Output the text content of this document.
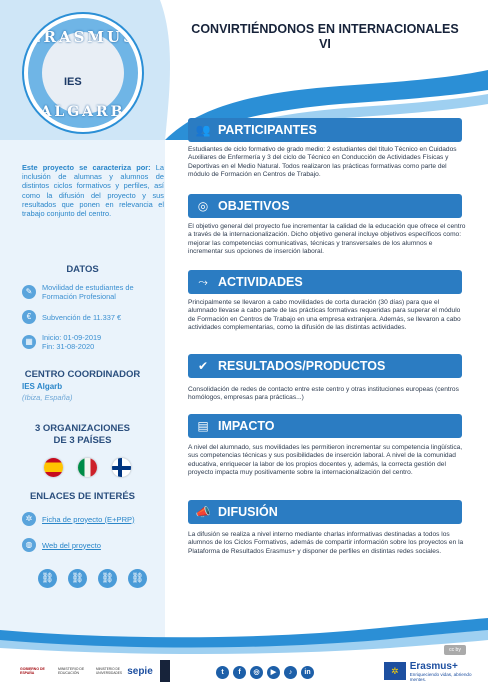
CONVIRTIÉNDONOS EN INTERNACIONALES
VI
ERASMUS
IES
ALGARB
Este proyecto se caracteriza por: La inclusión de alumnas y alumnos de distintos ciclos formativos y perfiles, así como la difusión del proyecto y sus resultados que ponen en relevancia el trabajo conjunto del centro.
DATOS
✎	Movilidad de estudiantes de Formación Profesional
€	Subvención de 11.337 €
▦	Inicio: 01-09-2019
Fin: 31-08-2020
CENTRO COORDINADOR
IES Algarb
(Ibiza, España)
3 ORGANIZACIONES
DE 3 PAÍSES
ENLACES DE INTERÉS
✲	Ficha de proyecto (E+PRP)
◍	Web del proyecto
⛓	⛓	⛓	⛓
👥 PARTICIPANTES
Estudiantes de ciclo formativo de grado medio: 2 estudiantes del título Técnico en Cuidados Auxiliares de Enfermería y 3 del ciclo de Técnico en Conducción de Actividades Físicas y Deportivas en el Medio Natural. Todos realizaron las prácticas formativas como parte del módulo de Formación en Centros de Trabajo.
◎ OBJETIVOS
El objetivo general del proyecto fue incrementar la calidad de la educación que ofrece el centro a través de la internacionalización. Dicho objetivo general incluye objetivos específicos como: mejorar las competencias comunicativas, técnicas y transversales de los alumnos e incrementar sus opciones de inserción laboral.
⤳ ACTIVIDADES
Principalmente se llevaron a cabo movilidades de corta duración (30 días) para que el alumnado llevase a cabo parte de las prácticas formativas requeridas para superar el módulo de Formación en Centros de Trabajo en una empresa extranjera. Además, se llevaron a cabo actividades complementarias, como la difusión de las distintas actividades.
✔ RESULTADOS/PRODUCTOS
Consolidación de redes de contacto entre este centro y otras instituciones europeas (centros homólogos, empresas para prácticas...)
▤ IMPACTO
A nivel del alumnado, sus movilidades les permitieron incrementar su competencia lingüística, sus competencias técnicas y sus posibilidades de inserción laboral. A nivel de la comunidad educativa, enriquecer la labor de los propios docentes y, además, la correcta gestión del proyecto impacta muy positivamente sobre la internacionalización del centro.
📣 DIFUSIÓN
La difusión se realiza a nivel interno mediante charlas informativas destinadas a todos los alumnos de los Ciclos Formativos, además de compartir información sobre los proyectos en la Plataforma de Resultados Erasmus+ y disponer de perfiles en distintas redes sociales.
cc by
GOBIERNO DE ESPAÑA
MINISTERIO DE EDUCACIÓN
MINISTERIO DE UNIVERSIDADES sepie	t	f	◎	▶	♪	in	✲	Erasmus+
Enriqueciendo vidas, abriendo mentes.
